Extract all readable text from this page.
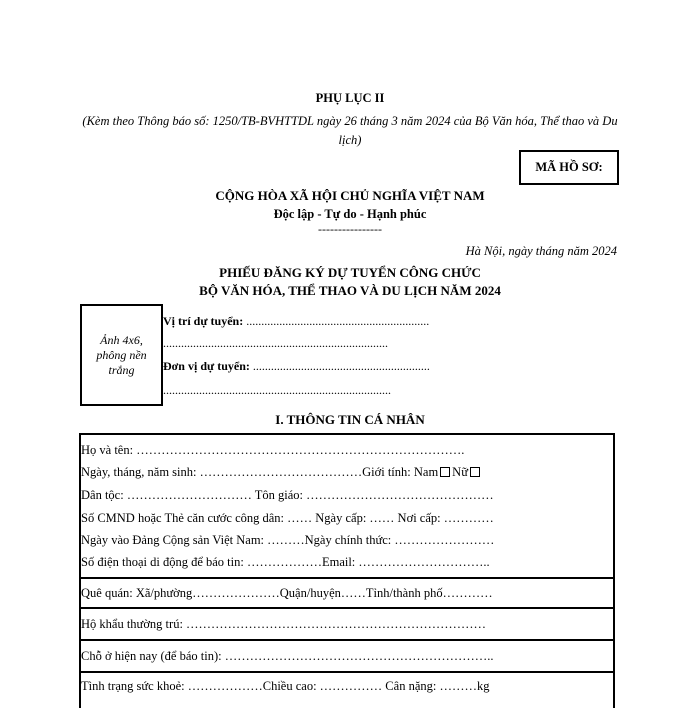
PHỤ LỤC II
(Kèm theo Thông báo số: 1250/TB-BVHTTDL ngày 26 tháng 3 năm 2024 của Bộ Văn hóa, Thể thao và Du lịch)
MÃ HỒ SƠ:
CỘNG HÒA XÃ HỘI CHỦ NGHĨA VIỆT NAM
Độc lập - Tự do - Hạnh phúc
----------------
Hà Nội, ngày tháng năm 2024
PHIẾU ĐĂNG KÝ DỰ TUYỂN CÔNG CHỨC
BỘ VĂN HÓA, THỂ THAO VÀ DU LỊCH NĂM 2024
Ảnh 4x6,
phông nền
trắng
Vị trí dự tuyển: .............................................................
...........................................................................
Đơn vị dự tuyển: ...........................................................
............................................................................
I. THÔNG TIN CÁ NHÂN
Họ và tên: …………………………………………………………………….
Ngày, tháng, năm sinh: …………………………………Giới tính: Nam Nữ
Dân tộc: ………………………… Tôn giáo: ………………………………………
Số CMND hoặc Thẻ căn cước công dân: …… Ngày cấp: …… Nơi cấp: …………
Ngày vào Đảng Cộng sản Việt Nam: ………Ngày chính thức: ……………………
Số điện thoại di động để báo tin: ………………Email: …………………………..
Quê quán: Xã/phường…………………Quận/huyện……Tỉnh/thành phố…………
Hộ khẩu thường trú: ………………………………………………………………
Chỗ ở hiện nay (để báo tin): ………………………………………………………..
Tình trạng sức khoẻ: ………………Chiều cao: …………… Cân nặng: ………kg
